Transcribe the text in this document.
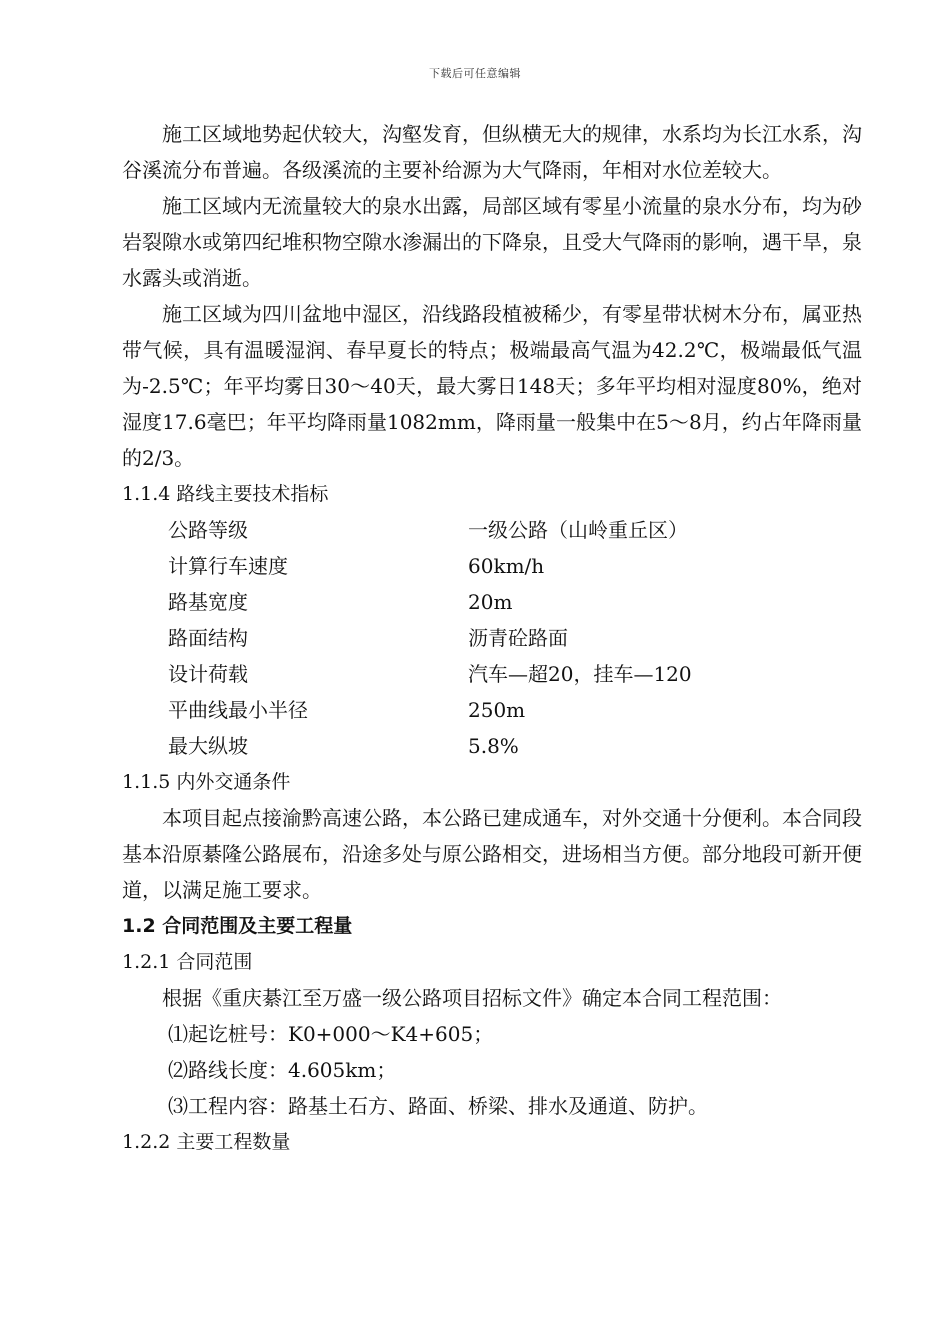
下载后可任意编辑

施工区域地势起伏较大，沟壑发育，但纵横无大的规律，水系均为长江水系，沟谷溪流分布普遍。各级溪流的主要补给源为大气降雨，年相对水位差较大。

施工区域内无流量较大的泉水出露，局部区域有零星小流量的泉水分布，均为砂岩裂隙水或第四纪堆积物空隙水渗漏出的下降泉，且受大气降雨的影响，遇干旱，泉水露头或消逝。

施工区域为四川盆地中湿区，沿线路段植被稀少，有零星带状树木分布，属亚热带气候，具有温暖湿润、春早夏长的特点；极端最高气温为42.2℃，极端最低气温为-2.5℃；年平均雾日30～40天，最大雾日148天；多年平均相对湿度80%，绝对湿度17.6毫巴；年平均降雨量1082mm，降雨量一般集中在5～8月，约占年降雨量的2/3。

1.1.4 路线主要技术指标

公路等级	一级公路（山岭重丘区）
计算行车速度	60km/h
路基宽度	20m
路面结构	沥青砼路面
设计荷载	汽车—超20，挂车—120
平曲线最小半径	250m
最大纵坡	5.8%

1.1.5 内外交通条件

本项目起点接渝黔高速公路，本公路已建成通车，对外交通十分便利。本合同段基本沿原綦隆公路展布，沿途多处与原公路相交，进场相当方便。部分地段可新开便道，以满足施工要求。

1.2 合同范围及主要工程量

1.2.1 合同范围

根据《重庆綦江至万盛一级公路项目招标文件》确定本合同工程范围：

⑴起讫桩号：K0+000～K4+605；

⑵路线长度：4.605km；

⑶工程内容：路基土石方、路面、桥梁、排水及通道、防护。

1.2.2 主要工程数量
